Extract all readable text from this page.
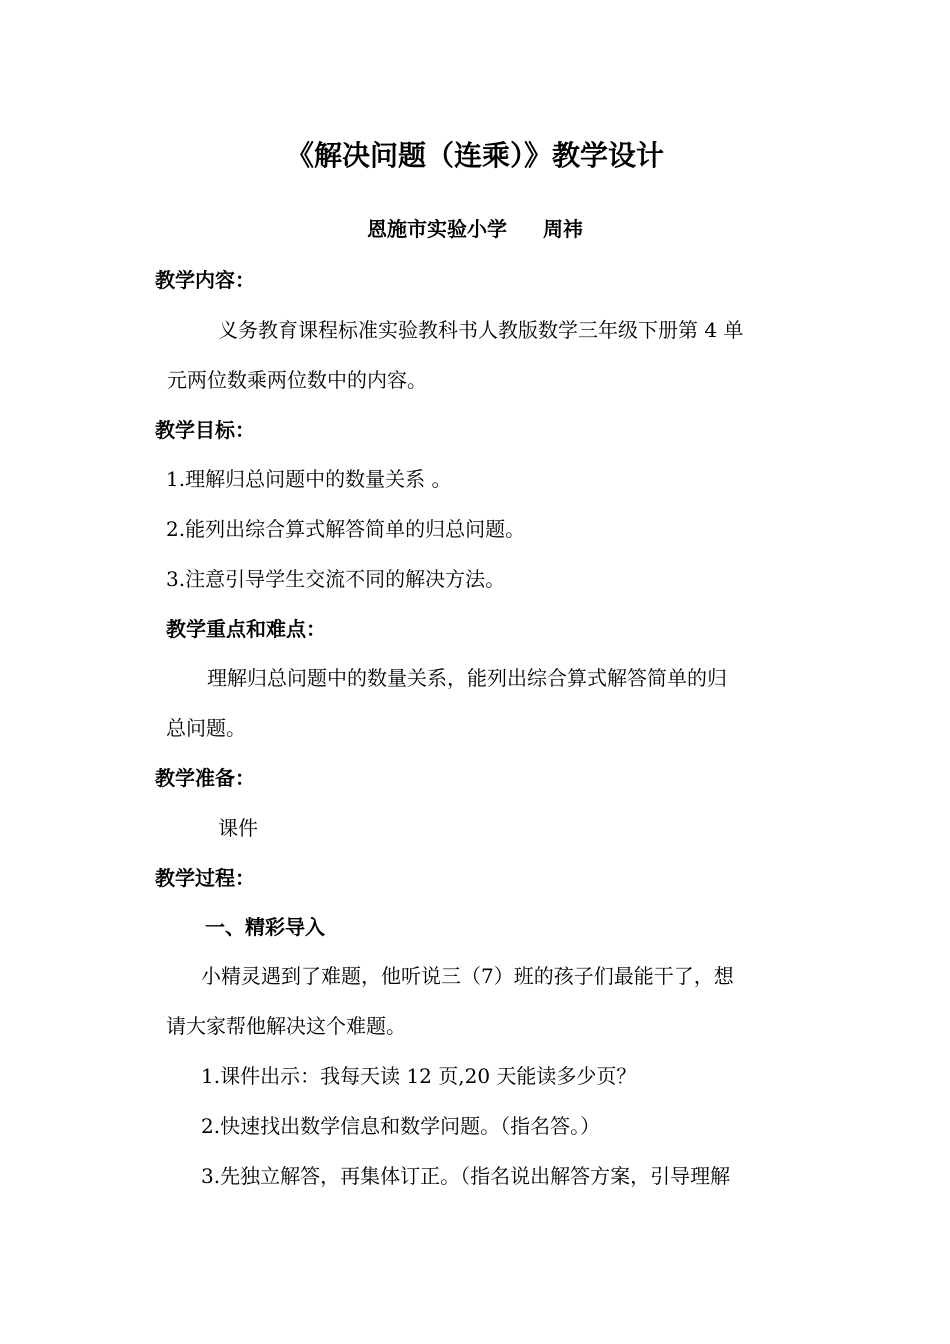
《解决问题（连乘）》教学设计
恩施市实验小学 周祎
教学内容：
义务教育课程标准实验教科书人教版数学三年级下册第 4 单
元两位数乘两位数中的内容。
教学目标：
1.理解归总问题中的数量关系 。
2.能列出综合算式解答简单的归总问题。
3.注意引导学生交流不同的解决方法。
教学重点和难点：
理解归总问题中的数量关系，能列出综合算式解答简单的归
总问题。
教学准备：
课件
教学过程：
一、精彩导入
小精灵遇到了难题，他听说三（7）班的孩子们最能干了，想
请大家帮他解决这个难题。
1.课件出示：我每天读 12 页,20 天能读多少页？
2.快速找出数学信息和数学问题。（指名答。）
3.先独立解答，再集体订正。（指名说出解答方案，引导理解
